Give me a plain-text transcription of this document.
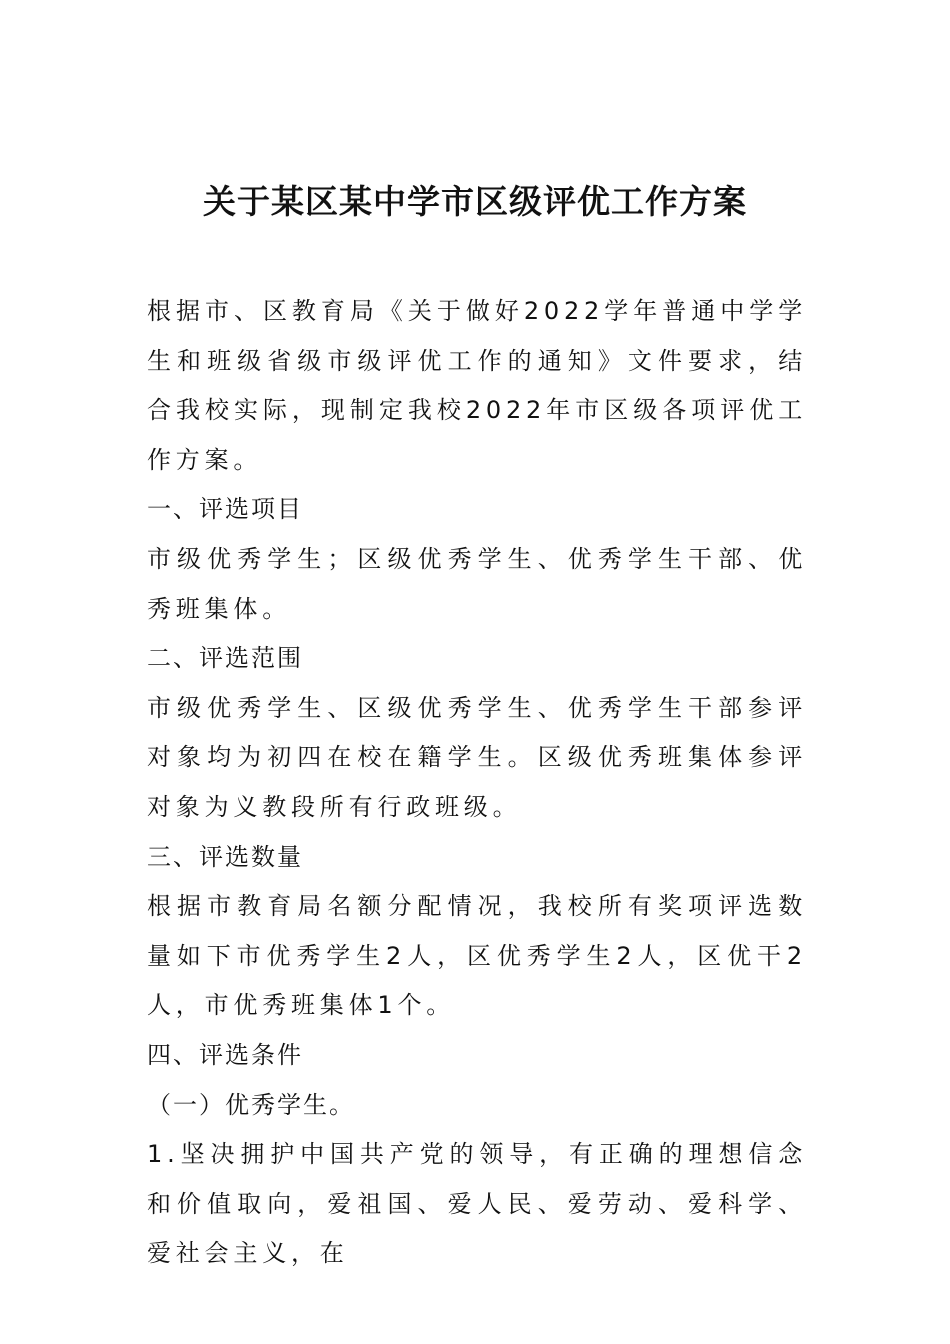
关于某区某中学市区级评优工作方案

根据市、区教育局《关于做好2022学年普通中学学生和班级省级市级评优工作的通知》文件要求，结合我校实际，现制定我校2022年市区级各项评优工作方案。

一、评选项目

市级优秀学生；区级优秀学生、优秀学生干部、优秀班集体。

二、评选范围

市级优秀学生、区级优秀学生、优秀学生干部参评对象均为初四在校在籍学生。区级优秀班集体参评对象为义教段所有行政班级。

三、评选数量

根据市教育局名额分配情况，我校所有奖项评选数量如下市优秀学生2人，区优秀学生2人，区优干2人，市优秀班集体1个。

四、评选条件

（一）优秀学生。

1.坚决拥护中国共产党的领导，有正确的理想信念和价值取向，爱祖国、爱人民、爱劳动、爱科学、爱社会主义，在
